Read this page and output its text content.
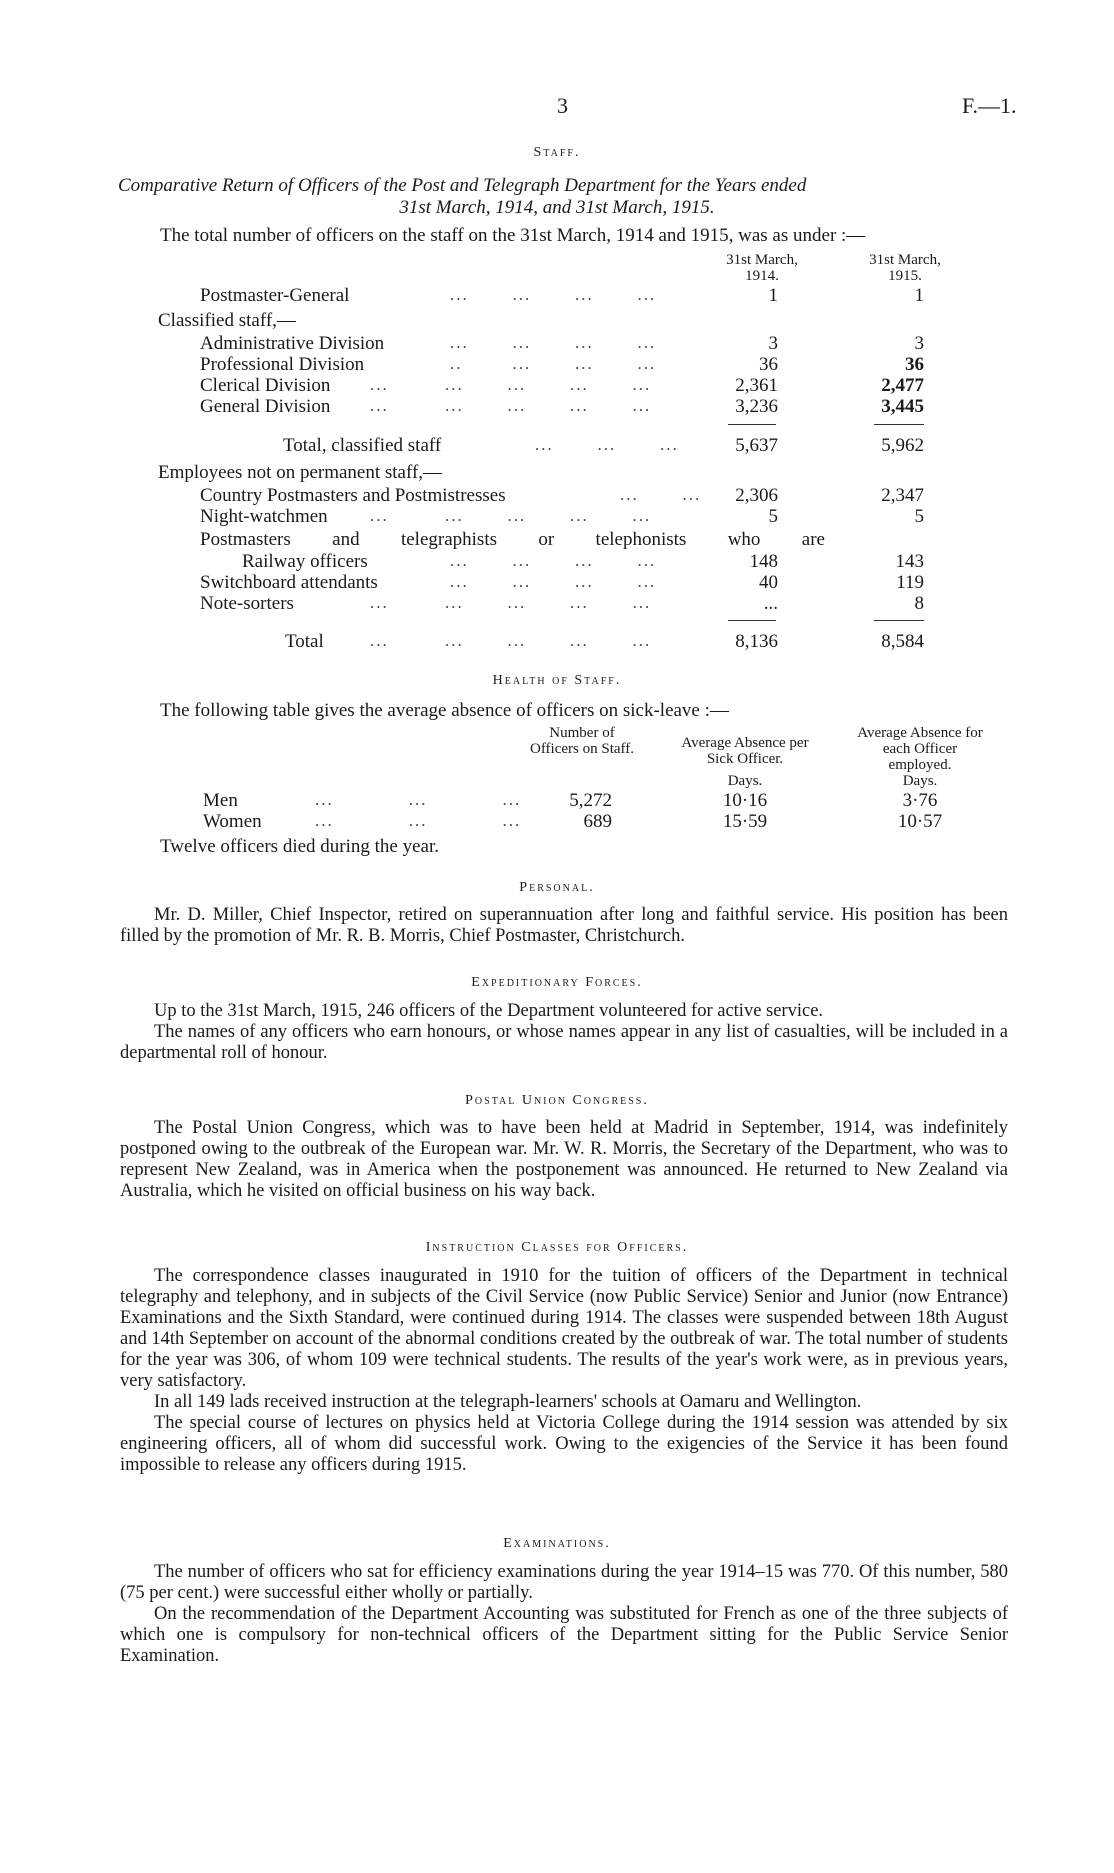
3	F.—1.
Staff.
Comparative Return of Officers of the Post and Telegraph Department for the Years ended
31st March, 1914, and 31st March, 1915.
The total number of officers on the staff on the 31st March, 1914 and 1915, was as under :—
31st March, 1914.
31st March, 1915.
Postmaster-General	...       ...       ...       ...	1	1
Classified staff,—
Administrative Division	...       ...       ...       ...	3	3
Professional Division	..        ...       ...       ...	36	36
Clerical Division ...         ...       ...       ...       ...	2,361	2,477
General Division ...         ...       ...       ...       ...	3,236	3,445
Total, classified staff	...       ...       ...	5,637	5,962
Employees not on permanent staff,—
Country Postmasters and Postmistresses	...       ...	2,306	2,347
Night-watchmen ...         ...       ...       ...       ...	5	5
Postmasters and telegraphists or telephonists who are
Railway officers	...       ...       ...       ...	148	143
Switchboard attendants	...       ...       ...       ...	40	119
Note-sorters	...         ...       ...       ...       ...	...	8
Total	...         ...       ...       ...       ...	8,136	8,584
Health of Staff.
The following table gives the average absence of officers on sick-leave :—
Number of Officers on Staff.	Average Absence per Sick Officer.
Average Absence for each Officer employed.
Days.	Days.
Men	...            ...            ...	5,272	10·16	3·76
Women	...            ...            ...	689	15·59	10·57
Twelve officers died during the year.
Personal.

Mr. D. Miller, Chief Inspector, retired on superannuation after long and faithful service. His position has been filled by the promotion of Mr. R. B. Morris, Chief Postmaster, Christchurch.

Expeditionary Forces.

Up to the 31st March, 1915, 246 officers of the Department volunteered for active service.

The names of any officers who earn honours, or whose names appear in any list of casualties, will be included in a departmental roll of honour.

Postal Union Congress.

The Postal Union Congress, which was to have been held at Madrid in September, 1914, was indefinitely postponed owing to the outbreak of the European war. Mr. W. R. Morris, the Secretary of the Department, who was to represent New Zealand, was in America when the postponement was announced. He returned to New Zealand via Australia, which he visited on official business on his way back.

Instruction Classes for Officers.

The correspondence classes inaugurated in 1910 for the tuition of officers of the Department in technical telegraphy and telephony, and in subjects of the Civil Service (now Public Service) Senior and Junior (now Entrance) Examinations and the Sixth Standard, were continued during 1914. The classes were suspended between 18th August and 14th September on account of the abnormal conditions created by the outbreak of war. The total number of students for the year was 306, of whom 109 were technical students. The results of the year's work were, as in previous years, very satisfactory.

In all 149 lads received instruction at the telegraph-learners' schools at Oamaru and Wellington.

The special course of lectures on physics held at Victoria College during the 1914 session was attended by six engineering officers, all of whom did successful work. Owing to the exigencies of the Service it has been found impossible to release any officers during 1915.

Examinations.

The number of officers who sat for efficiency examinations during the year 1914–15 was 770. Of this number, 580 (75 per cent.) were successful either wholly or partially.

On the recommendation of the Department Accounting was substituted for French as one of the three subjects of which one is compulsory for non-technical officers of the Department sitting for the Public Service Senior Examination.
